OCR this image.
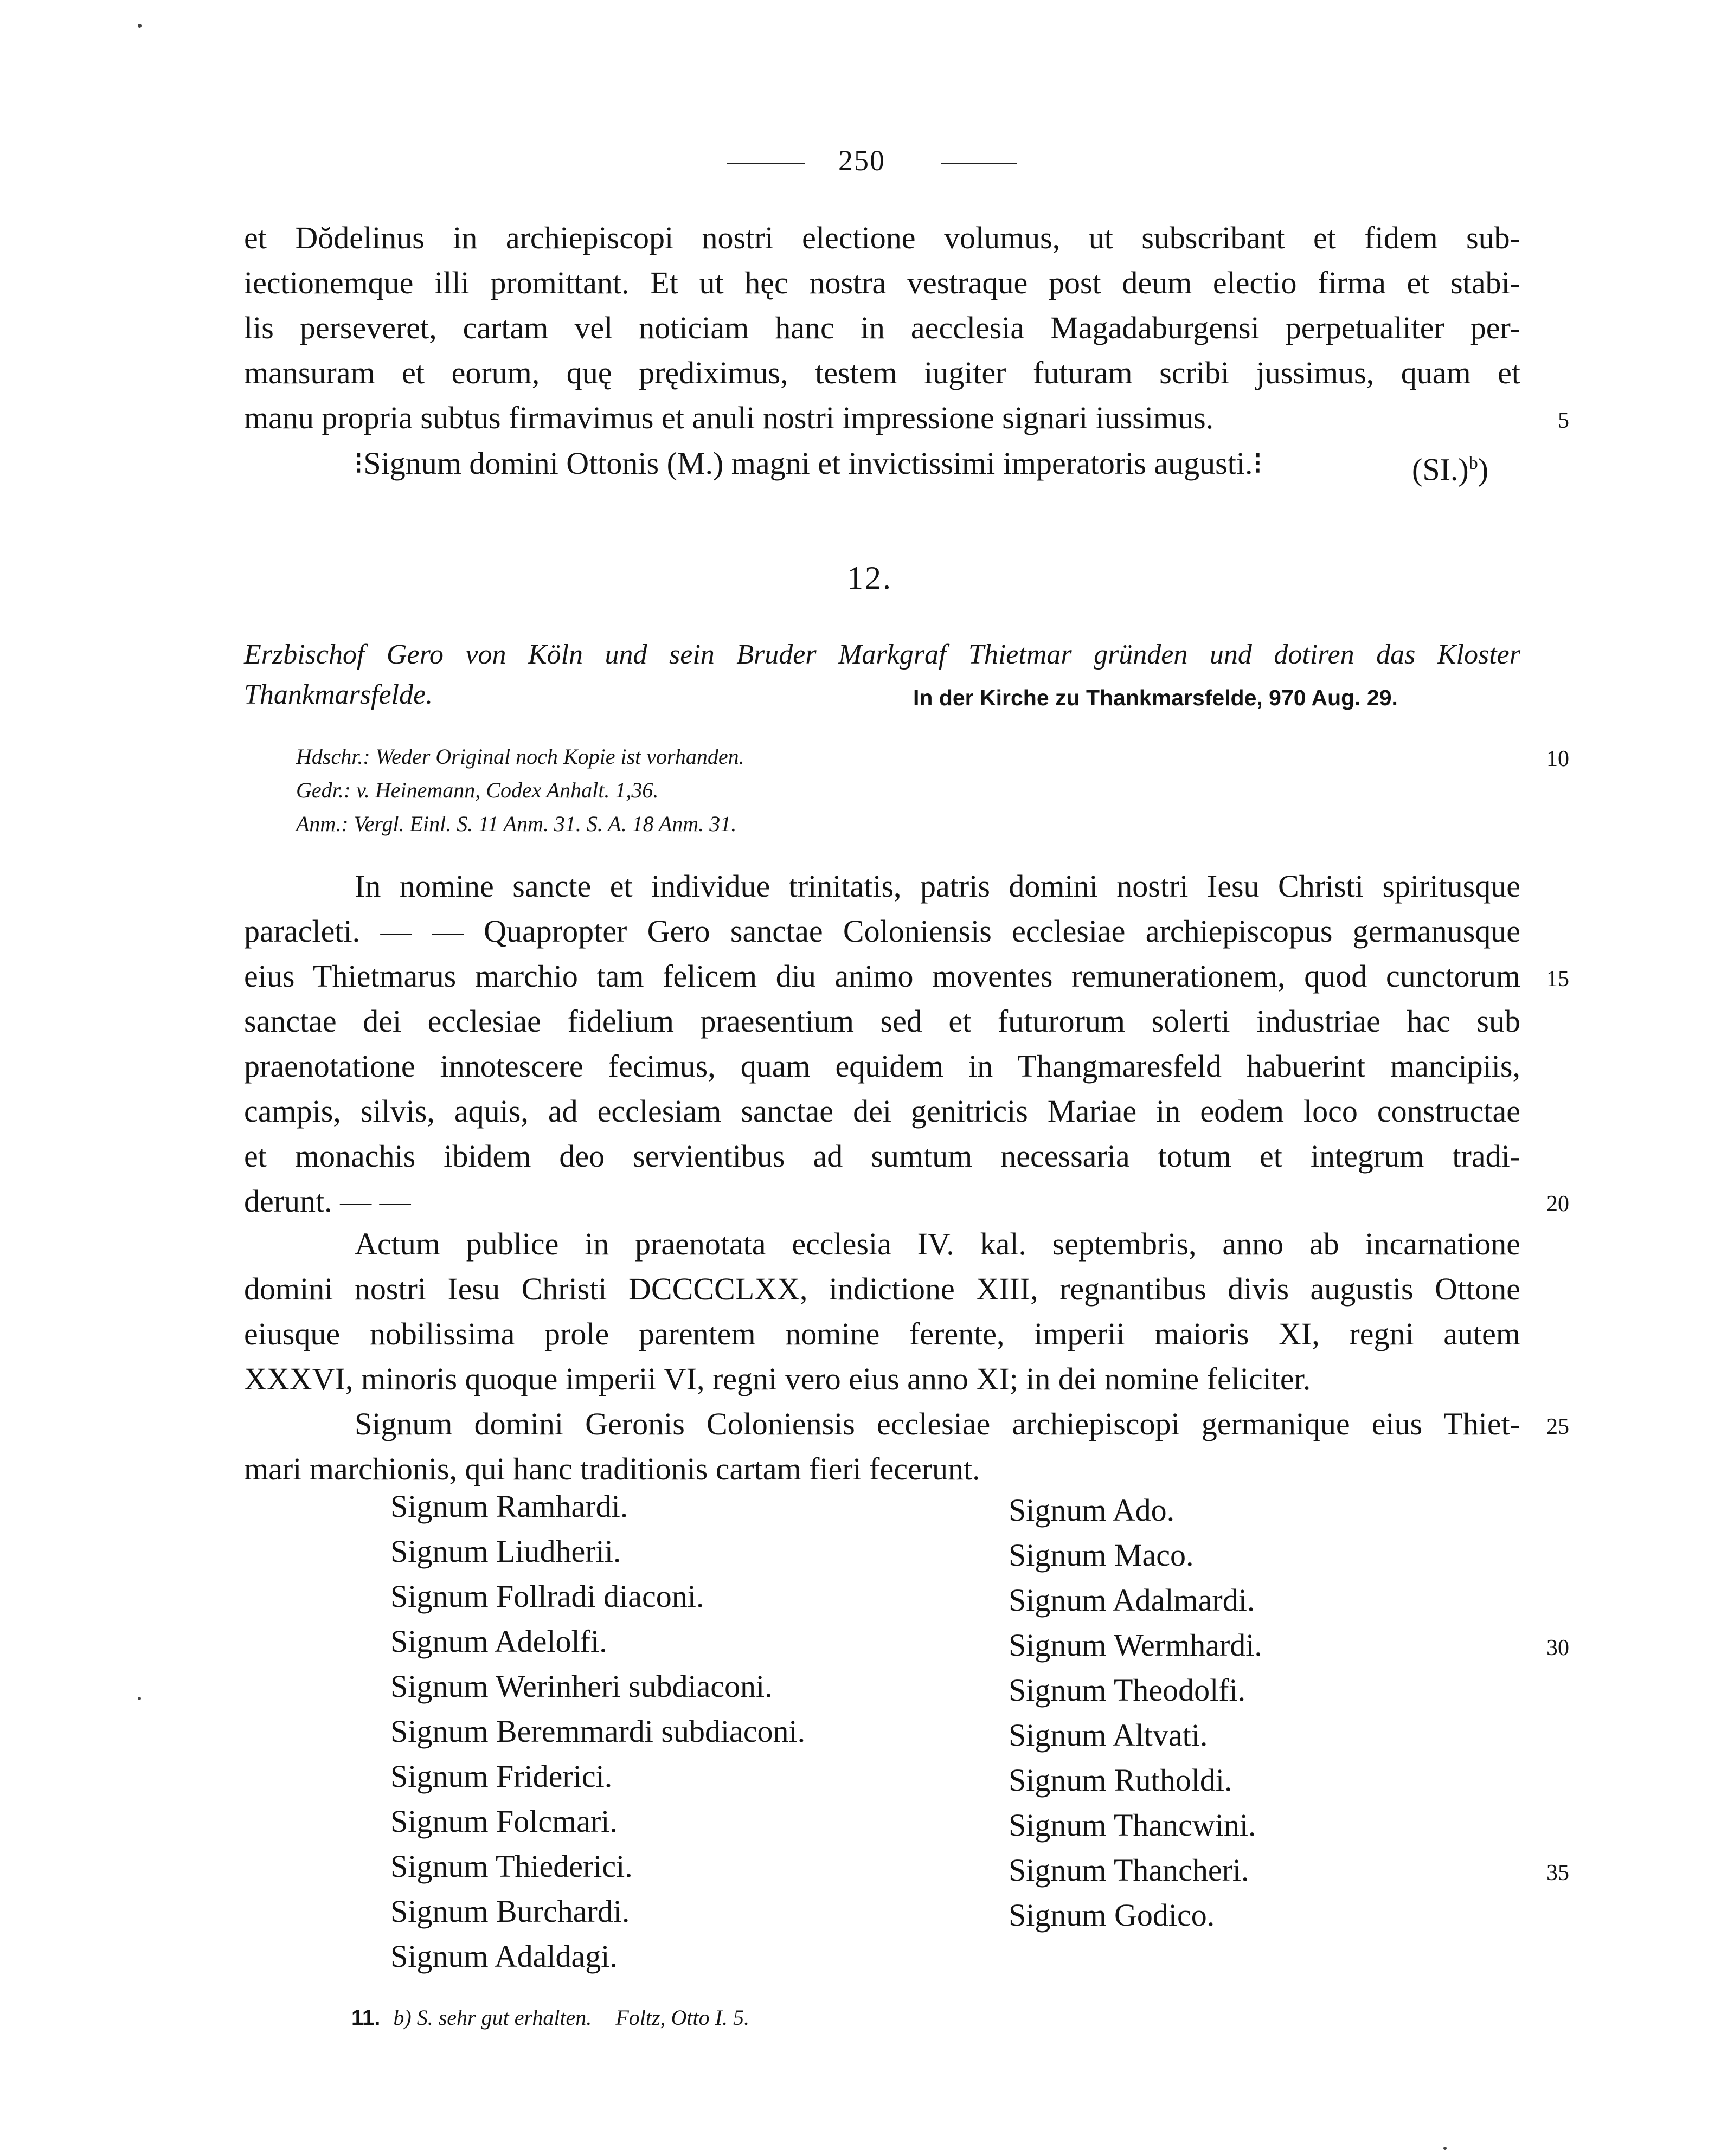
250
et Dŏdelinus in archiepiscopi nostri electione volumus, ut subscribant et fidem sub-
iectionemque illi promittant. Et ut hęc nostra vestraque post deum electio firma et stabi-
lis perseveret, cartam vel noticiam hanc in aecclesia Magadaburgensi perpetualiter per-
mansuram et eorum, quę prędiximus, testem iugiter futuram scribi jussimus, quam et
manu propria subtus firmavimus et anuli nostri impressione signari iussimus.	5
⁝Signum domini Ottonis (M.) magni et invictissimi imperatoris augusti.⁝	$(SI.)^b$)
12.
Erzbischof Gero von Köln und sein Bruder Markgraf Thietmar gründen und dotiren das Kloster
Thankmarsfelde.	In der Kirche zu Thankmarsfelde, 970 Aug. 29.
Hdschr.: Weder Original noch Kopie ist vorhanden.	10
Gedr.: v. Heinemann, Codex Anhalt. 1,36.
Anm.: Vergl. Einl. S. 11 Anm. 31. S. A. 18 Anm. 31.
In nomine sancte et individue trinitatis, patris domini nostri Iesu Christi spiritusque
paracleti. — — Quapropter Gero sanctae Coloniensis ecclesiae archiepiscopus germanusque
eius Thietmarus marchio tam felicem diu animo moventes remunerationem, quod cunctorum	15
sanctae dei ecclesiae fidelium praesentium sed et futurorum solerti industriae hac sub
praenotatione innotescere fecimus, quam equidem in Thangmaresfeld habuerint mancipiis,
campis, silvis, aquis, ad ecclesiam sanctae dei genitricis Mariae in eodem loco constructae
et monachis ibidem deo servientibus ad sumtum necessaria totum et integrum tradi-
derunt. — —	20
Actum publice in praenotata ecclesia IV. kal. septembris, anno ab incarnatione
domini nostri Iesu Christi DCCCCLXX, indictione XIII, regnantibus divis augustis Ottone
eiusque nobilissima prole parentem nomine ferente, imperii maioris XI, regni autem
XXXVI, minoris quoque imperii VI, regni vero eius anno XI; in dei nomine feliciter.
Signum domini Geronis Coloniensis ecclesiae archiepiscopi germanique eius Thiet-	25
mari marchionis, qui hanc traditionis cartam fieri fecerunt.
Signum Ramhardi.
Signum Liudherii.
Signum Follradi diaconi.
Signum Adelolfi.
Signum Werinheri subdiaconi.
Signum Beremmardi subdiaconi.
Signum Friderici.
Signum Folcmari.
Signum Thiederici.
Signum Burchardi.
Signum Adaldagi.
Signum Ado.
Signum Maco.
Signum Adalmardi.
Signum Wermhardi.	30
Signum Theodolfi.
Signum Altvati.
Signum Rutholdi.
Signum Thancwini.
Signum Thancheri.	35
Signum Godico.
11. b) S. sehr gut erhalten. Foltz, Otto I. 5.
